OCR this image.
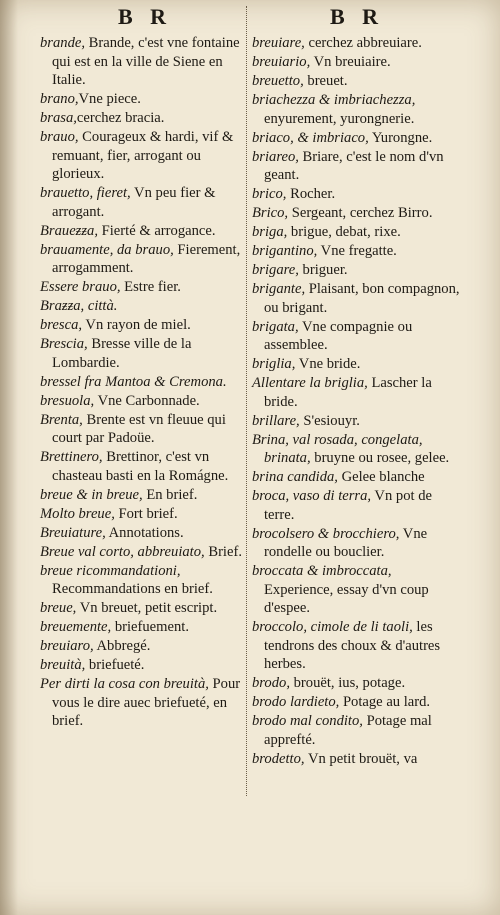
B R	B R
brande, Brande, c'est vne fontaine qui est en la ville de Siene en Italie.
brano,Vne piece.
brasa,cerchez bracia.
brauo, Courageux & hardi, vif & remuant, fier, arrogant ou glorieux.
brauetto, fieret, Vn peu fier & arrogant.
Braueƶƶa, Fierté & arrogance.
brauamente, da brauo, Fierement, arrogamment.
Essere brauo, Estre fier.
Braƶƶa, città.
bresca, Vn rayon de miel.
Brescia, Bresse ville de la Lombardie.
bressel fra Mantoa & Cremona.
bresuola, Vne Carbonnade.
Brenta, Brente est vn fleuue qui court par Padoüe.
Brettinero, Brettinor, c'est vn chasteau basti en la Romágne.
breue & in breue, En brief.
Molto breue, Fort brief.
Breuiature, Annotations.
Breue val corto, abbreuiato, Brief.
breue ricommandationi, Recommandations en brief.
breue, Vn breuet, petit escript.
breuemente, briefuement.
breuiaro, Abbregé.
breuità, briefueté.
Per dirti la cosa con breuità, Pour vous le dire auec briefueté, en brief.
breuiare, cerchez abbreuiare.
breuiario, Vn breuiaire.
breuetto, breuet.
briachezza & imbriachezza, enyurement, yurongnerie.
briaco, & imbriaco, Yurongne.
briareo, Briare, c'est le nom d'vn geant.
brico, Rocher.
Brico, Sergeant, cerchez Birro.
briga, brigue, debat, rixe.
brigantino, Vne fregatte.
brigare, briguer.
brigante, Plaisant, bon compagnon, ou brigant.
brigata, Vne compagnie ou assemblee.
briglia, Vne bride.
Allentare la briglia, Lascher la bride.
brillare, S'esiouyr.
Brina, val rosada, congelata, brinata, bruyne ou rosee, gelee.
brina candida, Gelee blanche
broca, vaso di terra, Vn pot de terre.
brocolsero & brocchiero, Vne rondelle ou bouclier.
broccata & imbroccata, Experience, essay d'vn coup d'espee.
broccolo, cimole de li taoli, les tendrons des choux & d'autres herbes.
brodo, brouët, ius, potage.
brodo lardieto, Potage au lard.
brodo mal condito, Potage mal apprefté.
brodetto, Vn petit brouët, va
